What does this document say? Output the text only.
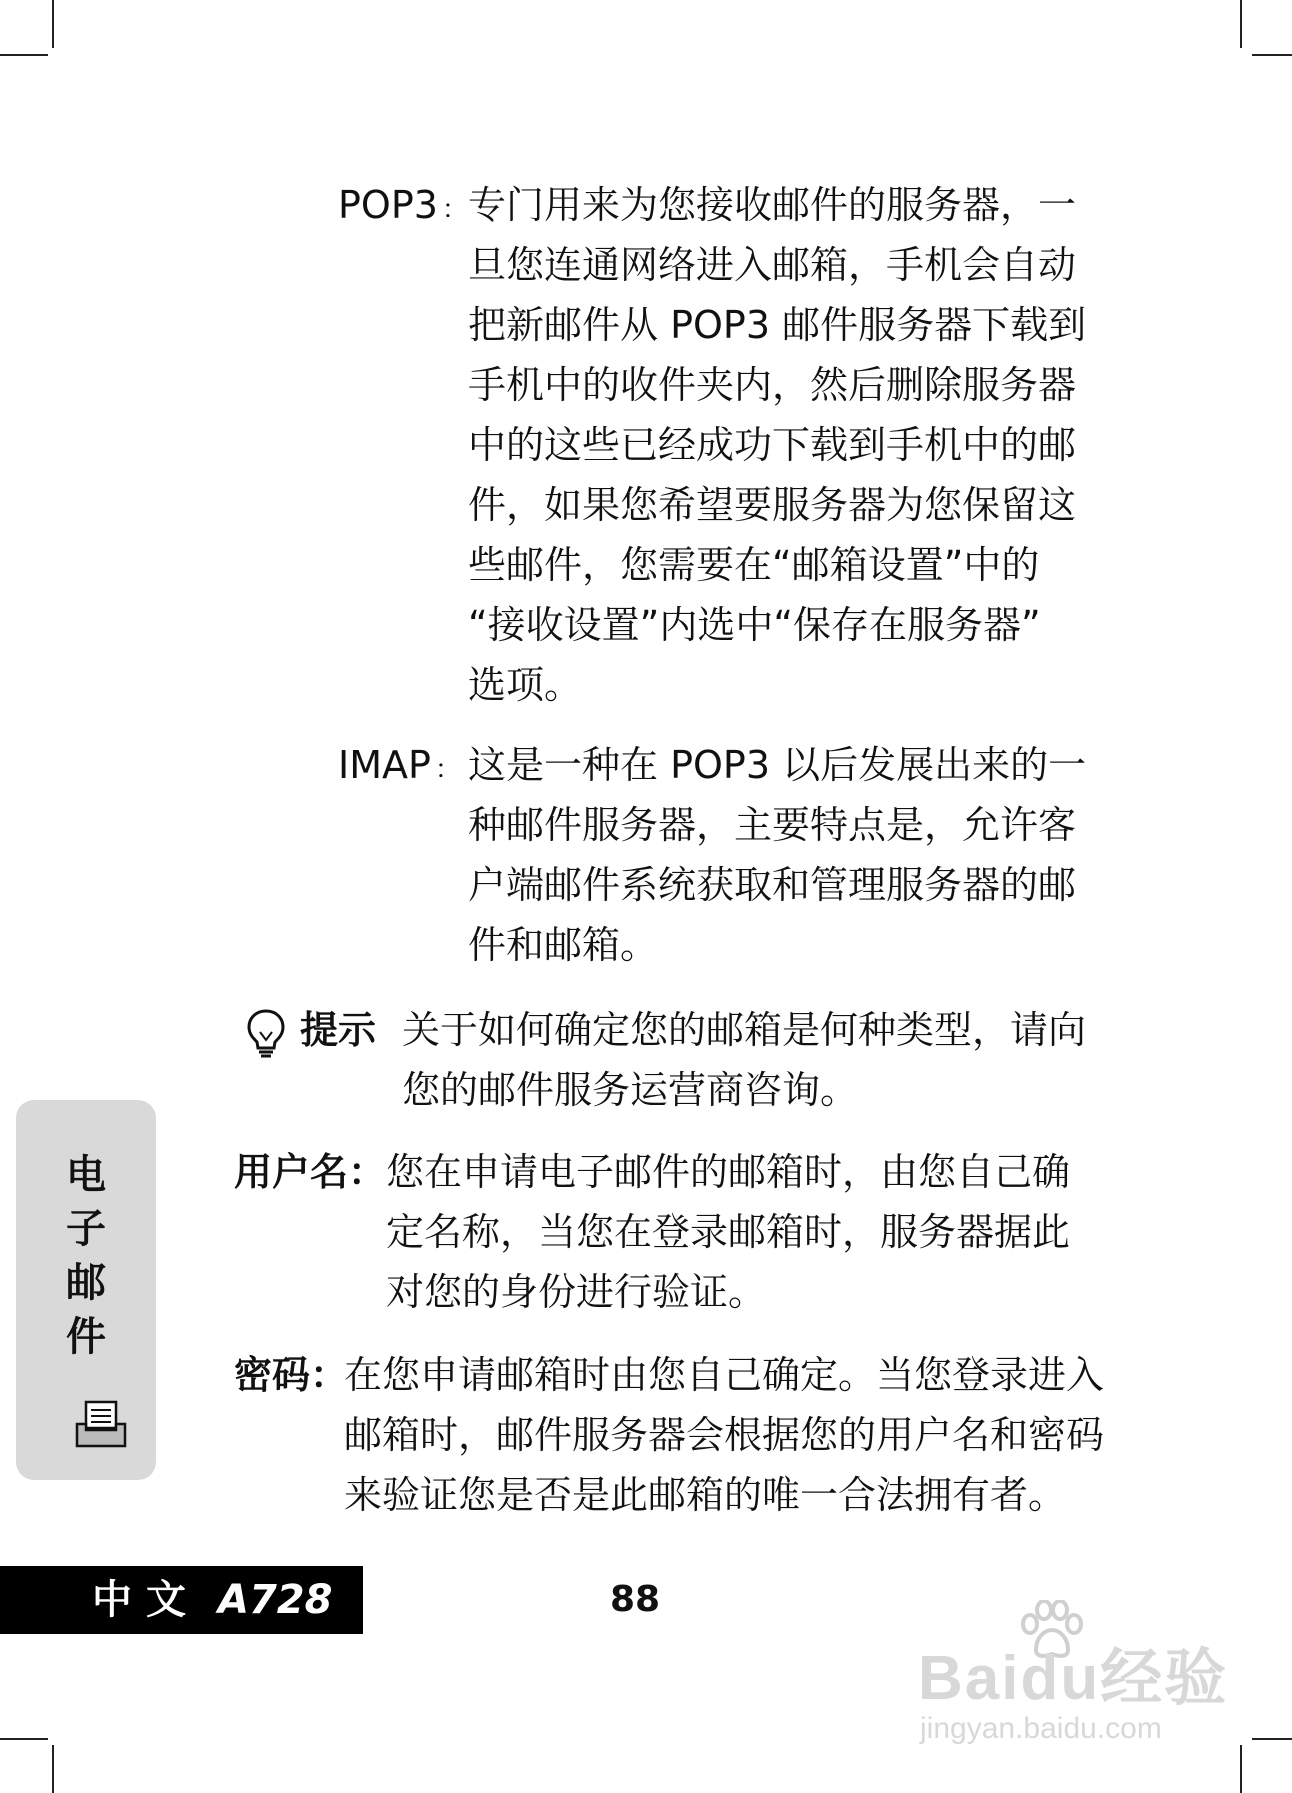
POP3 ： 专门用来为您接收邮件的服务器，一
旦您连通网络进入邮箱，手机会自动
把新邮件从 POP3 邮件服务器下载到
手机中的收件夹内，然后删除服务器
中的这些已经成功下载到手机中的邮
件，如果您希望要服务器为您保留这
些邮件，您需要在“邮箱设置”中的
“接收设置”内选中“保存在服务器”
选项。
IMAP ： 这是一种在 POP3 以后发展出来的一
种邮件服务器，主要特点是，允许客
户端邮件系统获取和管理服务器的邮
件和邮箱。
提示 关于如何确定您的邮箱是何种类型，请向
您的邮件服务运营商咨询。
用户名： 您在申请电子邮件的邮箱时，由您自己确
定名称，当您在登录邮箱时，服务器据此
对您的身份进行验证。
密码：
在您申请邮箱时由您自己确定。当您登录进入
邮箱时，邮件服务器会根据您的用户名和密码
来验证您是否是此邮箱的唯一合法拥有者。
电
子
邮
件
中文 A728	88
Baidu经验
jingyan.baidu.com
